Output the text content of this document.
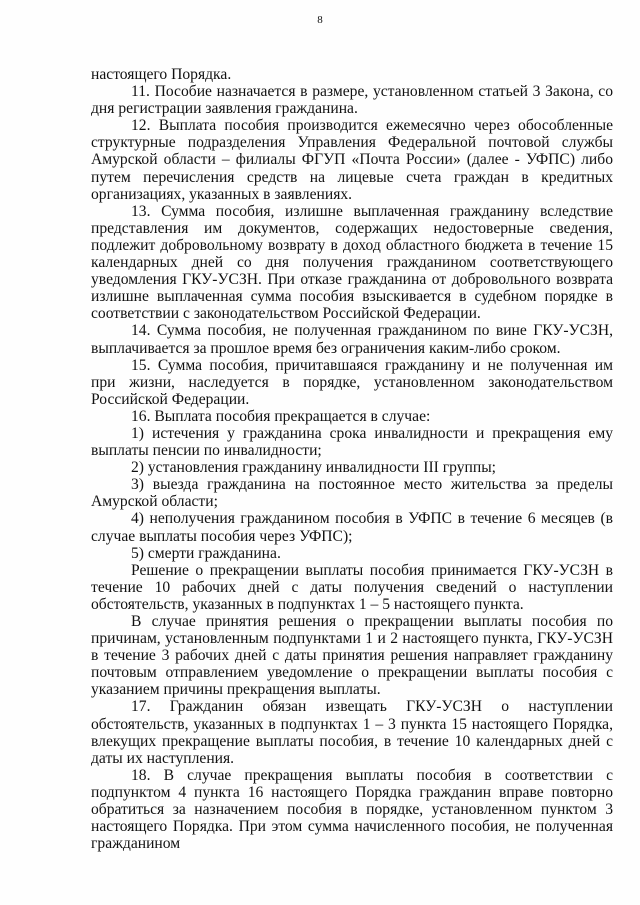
8

настоящего Порядка.

11. Пособие назначается в размере, установленном статьей 3 Закона, со дня регистрации заявления гражданина.

12. Выплата пособия производится ежемесячно через обособленные структурные подразделения Управления Федеральной почтовой службы Амурской области – филиалы ФГУП «Почта России» (далее - УФПС) либо путем перечисления средств на лицевые счета граждан в кредитных организациях, указанных в заявлениях.

13. Сумма пособия, излишне выплаченная гражданину вследствие представления им документов, содержащих недостоверные сведения, подлежит добровольному возврату в доход областного бюджета в течение 15 календарных дней со дня получения гражданином соответствующего уведомления ГКУ-УСЗН. При отказе гражданина от добровольного возврата излишне выплаченная сумма пособия взыскивается в судебном порядке в соответствии с законодательством Российской Федерации.

14. Сумма пособия, не полученная гражданином по вине ГКУ-УСЗН, выплачивается за прошлое время без ограничения каким-либо сроком.

15. Сумма пособия, причитавшаяся гражданину и не полученная им при жизни, наследуется в порядке, установленном законодательством Российской Федерации.

16. Выплата пособия прекращается в случае:

1) истечения у гражданина срока инвалидности и прекращения ему выплаты пенсии по инвалидности;

2) установления гражданину инвалидности III группы;

3) выезда гражданина на постоянное место жительства за пределы Амурской области;

4) неполучения гражданином пособия в УФПС в течение 6 месяцев (в случае выплаты пособия через УФПС);

5) смерти гражданина.

Решение о прекращении выплаты пособия принимается ГКУ-УСЗН в течение 10 рабочих дней с даты получения сведений о наступлении обстоятельств, указанных в подпунктах 1 – 5 настоящего пункта.

В случае принятия решения о прекращении выплаты пособия по причинам, установленным подпунктами 1 и 2 настоящего пункта, ГКУ-УСЗН в течение 3 рабочих дней с даты принятия решения направляет гражданину почтовым отправлением уведомление о прекращении выплаты пособия с указанием причины прекращения выплаты.

17. Гражданин обязан извещать ГКУ-УСЗН о наступлении обстоятельств, указанных в подпунктах 1 – 3 пункта 15 настоящего Порядка, влекущих прекращение выплаты пособия, в течение 10 календарных дней с даты их наступления.

18. В случае прекращения выплаты пособия в соответствии с подпунктом 4 пункта 16 настоящего Порядка гражданин вправе повторно обратиться за назначением пособия в порядке, установленном пунктом 3 настоящего Порядка. При этом сумма начисленного пособия, не полученная гражданином
